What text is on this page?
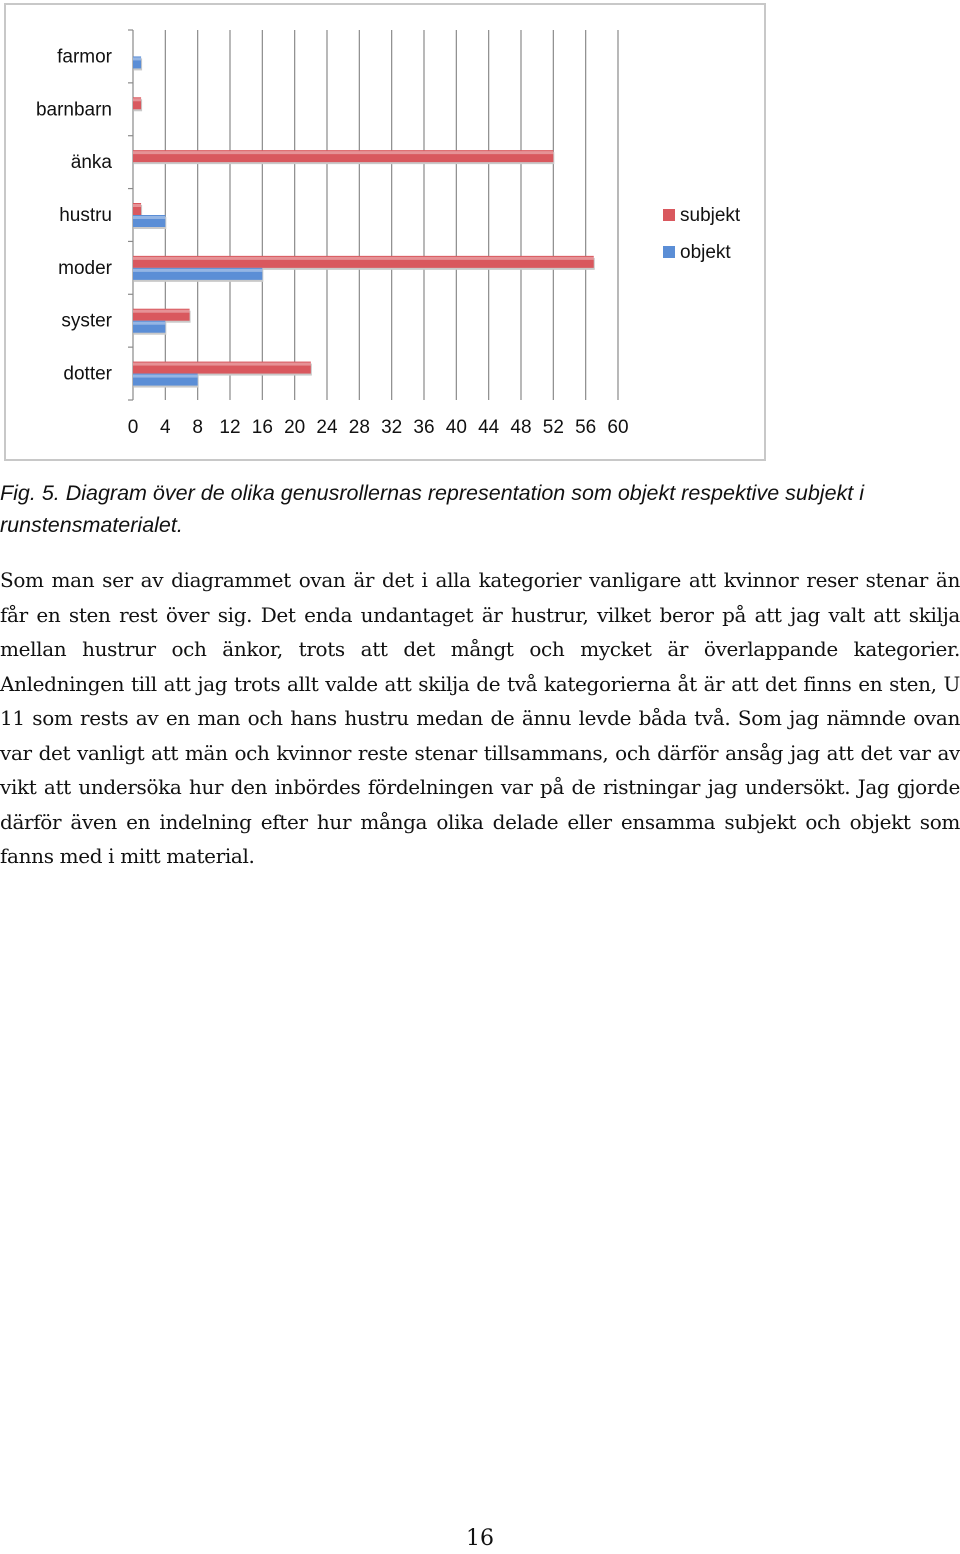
farmor
barnbarn
änka
hustru
moder
syster
dotter
0 4 8 12 16 20 24 28 32 36 40 44 48 52 56 60
subjekt
objekt

Fig. 5. Diagram över de olika genusrollernas representation som objekt respektive subjekt i runstensmaterialet.

Som man ser av diagrammet ovan är det i alla kategorier vanligare att kvinnor reser stenar än får en sten rest över sig. Det enda undantaget är hustrur, vilket beror på att jag valt att skilja mellan hustrur och änkor, trots att det mångt och mycket är överlappande kategorier. Anledningen till att jag trots allt valde att skilja de två kategorierna åt är att det finns en sten, U 11 som rests av en man och hans hustru medan de ännu levde båda två. Som jag nämnde ovan var det vanligt att män och kvinnor reste stenar tillsammans, och därför ansåg jag att det var av vikt att undersöka hur den inbördes fördelningen var på de ristningar jag undersökt. Jag gjorde därför även en indelning efter hur många olika delade eller ensamma subjekt och objekt som fanns med i mitt material.

16
